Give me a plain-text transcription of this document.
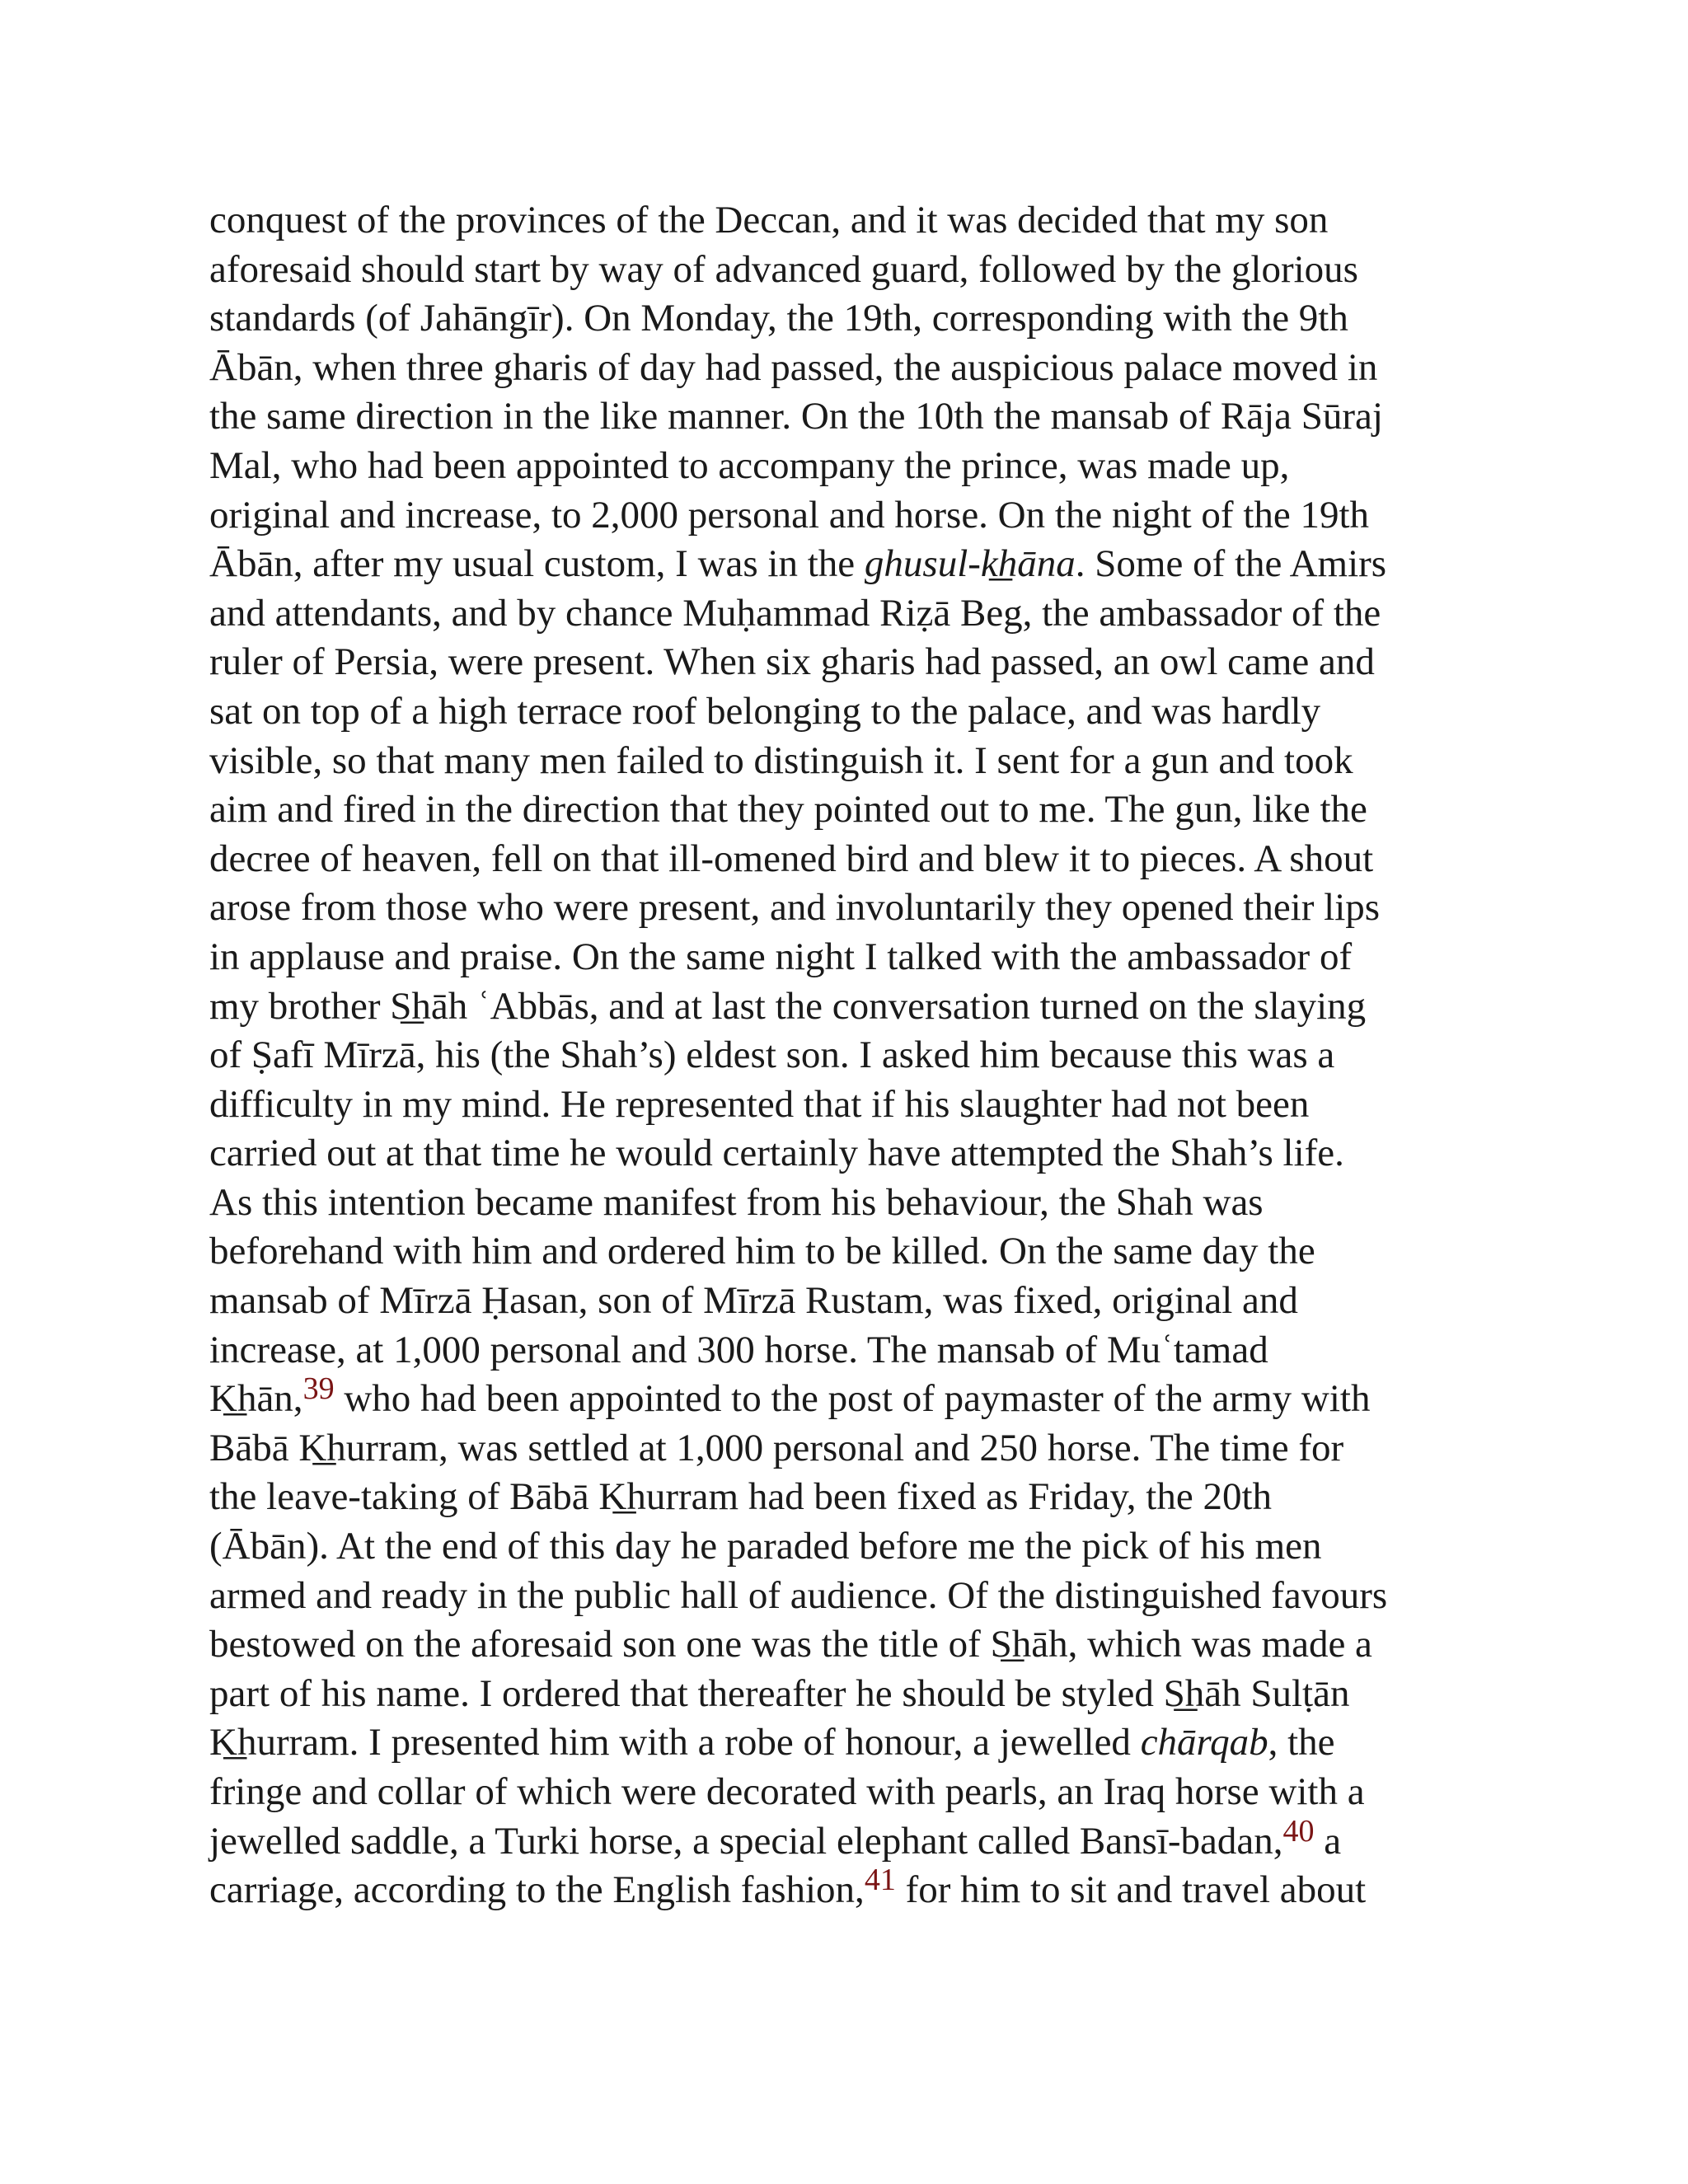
conquest of the provinces of the Deccan, and it was decided that my son
aforesaid should start by way of advanced guard, followed by the glorious
standards (of Jahāngīr). On Monday, the 19th, corresponding with the 9th
Ābān, when three gharis of day had passed, the auspicious palace moved in
the same direction in the like manner. On the 10th the mansab of Rāja Sūraj
Mal, who had been appointed to accompany the prince, was made up,
original and increase, to 2,000 personal and horse. On the night of the 19th
Ābān, after my usual custom, I was in the ghusul-k͟hāna. Some of the Amirs
and attendants, and by chance Muḥammad Riẓā Beg, the ambassador of the
ruler of Persia, were present. When six gharis had passed, an owl came and
sat on top of a high terrace roof belonging to the palace, and was hardly
visible, so that many men failed to distinguish it. I sent for a gun and took
aim and fired in the direction that they pointed out to me. The gun, like the
decree of heaven, fell on that ill-omened bird and blew it to pieces. A shout
arose from those who were present, and involuntarily they opened their lips
in applause and praise. On the same night I talked with the ambassador of
my brother S͟hāh ʿAbbās, and at last the conversation turned on the slaying
of Ṣafī Mīrzā, his (the Shah’s) eldest son. I asked him because this was a
difficulty in my mind. He represented that if his slaughter had not been
carried out at that time he would certainly have attempted the Shah’s life.
As this intention became manifest from his behaviour, the Shah was
beforehand with him and ordered him to be killed. On the same day the
mansab of Mīrzā Ḥasan, son of Mīrzā Rustam, was fixed, original and
increase, at 1,000 personal and 300 horse. The mansab of Muʿtamad
K͟hān,$^{39}$ who had been appointed to the post of paymaster of the army with
Bābā K͟hurram, was settled at 1,000 personal and 250 horse. The time for
the leave-taking of Bābā K͟hurram had been fixed as Friday, the 20th
(Ābān). At the end of this day he paraded before me the pick of his men
armed and ready in the public hall of audience. Of the distinguished favours
bestowed on the aforesaid son one was the title of S͟hāh, which was made a
part of his name. I ordered that thereafter he should be styled S͟hāh Sulṭān
K͟hurram. I presented him with a robe of honour, a jewelled chārqab, the
fringe and collar of which were decorated with pearls, an Iraq horse with a
jewelled saddle, a Turki horse, a special elephant called Bansī-badan,$^{40}$ a
carriage, according to the English fashion,$^{41}$ for him to sit and travel about
